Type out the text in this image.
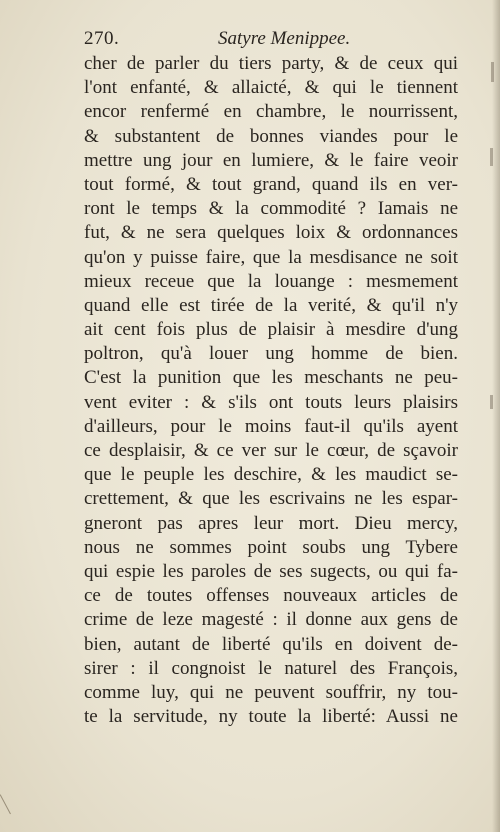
270.	Satyre Menippee.
cher de parler du tiers party, & de ceux qui
l'ont enfanté, & allaicté, & qui le tiennent
encor renfermé en chambre, le nourrissent,
& substantent de bonnes viandes pour le
mettre ung jour en lumiere, & le faire veoir
tout formé, & tout grand, quand ils en ver-
ront le temps & la commodité ? Iamais ne
fut, & ne sera quelques loix & ordonnances
qu'on y puisse faire, que la mesdisance ne soit
mieux receue que la louange : mesmement
quand elle est tirée de la verité, & qu'il n'y
ait cent fois plus de plaisir à mesdire d'ung
poltron, qu'à louer ung homme de bien.
C'est la punition que les meschants ne peu-
vent eviter : & s'ils ont touts leurs plaisirs
d'ailleurs, pour le moins faut-il qu'ils ayent
ce desplaisir, & ce ver sur le cœur, de sçavoir
que le peuple les deschire, & les maudict se-
crettement, & que les escrivains ne les espar-
gneront pas apres leur mort. Dieu mercy,
nous ne sommes point soubs ung Tybere
qui espie les paroles de ses sugects, ou qui fa-
ce de toutes offenses nouveaux articles de
crime de leze magesté : il donne aux gens de
bien, autant de liberté qu'ils en doivent de-
sirer : il congnoist le naturel des François,
comme luy, qui ne peuvent souffrir, ny tou-
te la servitude, ny toute la liberté: Aussi ne
